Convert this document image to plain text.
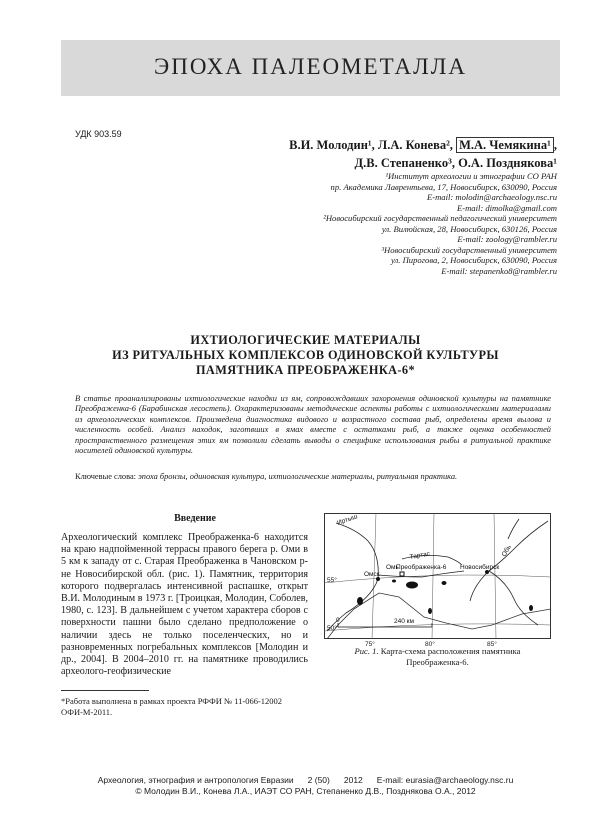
ЭПОХА ПАЛЕОМЕТАЛЛА
УДК 903.59
В.И. Молодин¹, Л.А. Конева², М.А. Чемякина¹ ,
Д.В. Степаненко³, О.А. Позднякова¹
¹Институт археологии и этнографии СО РАН
пр. Академика Лаврентьева, 17, Новосибирск, 630090, Россия
E-mail: molodin@archaeology.nsc.ru
E-mail: dimolka@gmail.com
²Новосибирский государственный педагогический университет
ул. Вилюйская, 28, Новосибирск, 630126, Россия
E-mail: zoology@rambler.ru
³Новосибирский государственный университет
ул. Пирогова, 2, Новосибирск, 630090, Россия
E-mail: stepanenko8@rambler.ru
ИХТИОЛОГИЧЕСКИЕ МАТЕРИАЛЫ
ИЗ РИТУАЛЬНЫХ КОМПЛЕКСОВ ОДИНОВСКОЙ КУЛЬТУРЫ
ПАМЯТНИКА ПРЕОБРАЖЕНКА-6*
В статье проанализированы ихтиологические находки из ям, сопровождавших захоронения одиновской культуры на памятнике Преображенка-6 (Барабинская лесостепь). Охарактеризованы методические аспекты работы с ихтиологическими материалами из археологических комплексов. Произведена диагностика видового и возрастного состава рыб, определены время вылова и численность особей. Анализ находок, заготвших в ямах вместе с остатками рыб, а также оценка особенностей пространственного размещения этих ям позволили сделать выводы о специфике использования рыбы в ритуальной практике носителей одиновской культуры.
Ключевые слова: эпоха бронзы, одиновская культура, ихтиологические материалы, ритуальная практика.
Введение
Археологический комплекс Преображенка-6 находится на краю надпойменной террасы правого берега р. Оми в 5 км к западу от с. Старая Преображенка в Чановском р-не Новосибирской обл. (рис. 1). Памятник, территория которого подвергалась интенсивной распашке, открыт В.И. Молодиным в 1973 г. [Троицкая, Молодин, Соболев, 1980, с. 123]. В дальнейшем с учетом характера сборов с поверхности пашни было сделано предположение о наличии здесь не только поселенческих, но и разновременных погребальных комплексов [Молодин и др., 2004]. В 2004–2010 гг. на памятнике проводились археолого-геофизические
*Работа выполнена в рамках проекта РФФИ № 11-066-12002 ОФИ-М-2011.
Иртыш
Тартас
Омь
Обь
Омск
Новосибирск
Преображенка-6
55°
50°
0	240 км
75°	80°	85°
Рис. 1. Карта-схема расположения памятника Преображенка-6.
Археология, этнография и антропология Евразии 2 (50) 2012 E-mail: eurasia@archaeology.nsc.ru
© Молодин В.И., Конева Л.А., ИАЭТ СО РАН, Степаненко Д.В., Позднякова О.А., 2012
